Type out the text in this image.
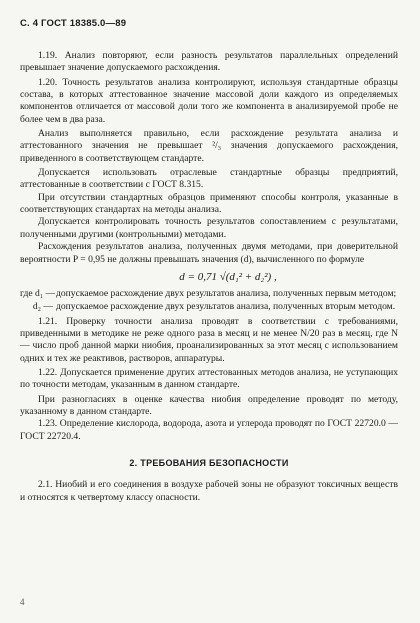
С. 4 ГОСТ 18385.0—89

1.19. Анализ повторяют, если разность результатов параллельных определений превышает значение допускаемого расхождения.

1.20. Точность результатов анализа контролируют, используя стандартные образцы состава, в которых аттестованное значение массовой доли каждого из определяемых компонентов отличается от массовой доли того же компонента в анализируемой пробе не более чем в два раза.

Анализ выполняется правильно, если расхождение результата анализа и аттестованного значения не превышает ²/₃ значения допускаемого расхождения, приведенного в соответствующем стандарте.

Допускается использовать отраслевые стандартные образцы предприятий, аттестованные в соответствии с ГОСТ 8.315.

При отсутствии стандартных образцов применяют способы контроля, указанные в соответствующих стандартах на методы анализа.

Допускается контролировать точность результатов сопоставлением с результатами, полученными другими (контрольными) методами.

Расхождения результатов анализа, полученных двумя методами, при доверительной вероятности P = 0,95 не должны превышать значения (d), вычисленного по формуле

d = 0,71 √(d₁² + d₂²) ,
где d₁ — допускаемое расхождение двух результатов анализа, полученных первым методом;
d₂ — допускаемое расхождение двух результатов анализа, полученных вторым методом.

1.21. Проверку точности анализа проводят в соответствии с требованиями, приведенными в методике не реже одного раза в месяц и не менее N/20 раз в месяц, где N — число проб данной марки ниобия, проанализированных за этот месяц с использованием одних и тех же реактивов, растворов, аппаратуры.

1.22. Допускается применение других аттестованных методов анализа, не уступающих по точности методам, указанным в данном стандарте.

При разногласиях в оценке качества ниобия определение проводят по методу, указанному в данном стандарте.

1.23. Определение кислорода, водорода, азота и углерода проводят по ГОСТ 22720.0 — ГОСТ 22720.4.

2. ТРЕБОВАНИЯ БЕЗОПАСНОСТИ

2.1. Ниобий и его соединения в воздухе рабочей зоны не образуют токсичных веществ и относятся к четвертому классу опасности.

4
